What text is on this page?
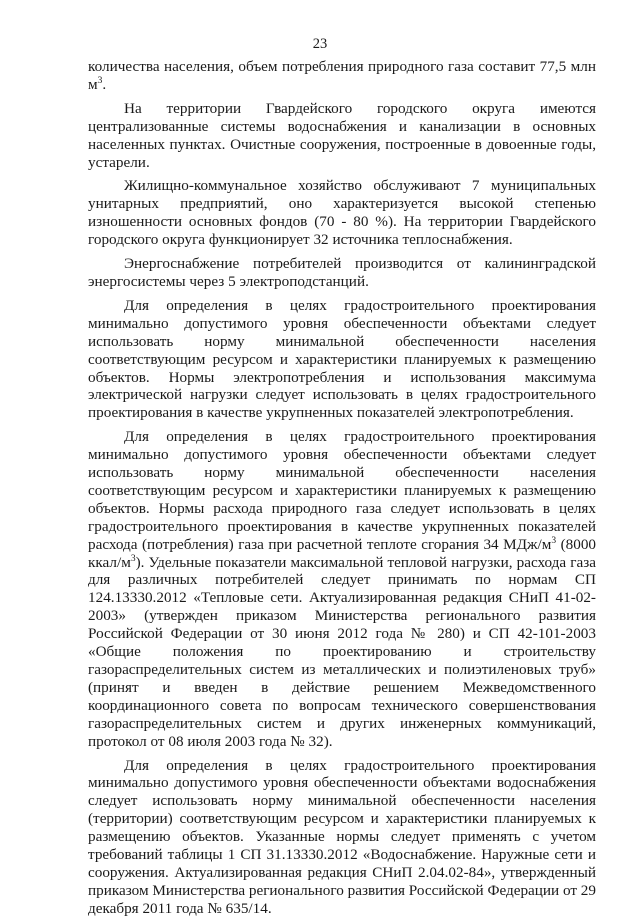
23

количества населения, объем потребления природного газа составит 77,5 млн $м^3$.

На территории Гвардейского городского округа имеются централизованные системы водоснабжения и канализации в основных населенных пунктах. Очистные сооружения, построенные в довоенные годы, устарели.

Жилищно-коммунальное хозяйство обслуживают 7 муниципальных унитарных предприятий, оно характеризуется высокой степенью изношенности основных фондов (70 - 80 %). На территории Гвардейского городского округа функционирует 32 источника теплоснабжения.

Энергоснабжение потребителей производится от калининградской энергосистемы через 5 электроподстанций.

Для определения в целях градостроительного проектирования минимально допустимого уровня обеспеченности объектами следует использовать норму минимальной обеспеченности населения соответствующим ресурсом и характеристики планируемых к размещению объектов. Нормы электропотребления и использования максимума электрической нагрузки следует использовать в целях градостроительного проектирования в качестве укрупненных показателей электропотребления.

Для определения в целях градостроительного проектирования минимально допустимого уровня обеспеченности объектами следует использовать норму минимальной обеспеченности населения соответствующим ресурсом и характеристики планируемых к размещению объектов. Нормы расхода природного газа следует использовать в целях градостроительного проектирования в качестве укрупненных показателей расхода (потребления) газа при расчетной теплоте сгорания 34 МДж/$м^3$ (8000 ккал/$м^3$). Удельные показатели максимальной тепловой нагрузки, расхода газа для различных потребителей следует принимать по нормам СП 124.13330.2012 «Тепловые сети. Актуализированная редакция СНиП 41-02-2003» (утвержден приказом Министерства регионального развития Российской Федерации от 30 июня 2012 года № 280) и СП 42-101-2003 «Общие положения по проектированию и строительству газораспределительных систем из металлических и полиэтиленовых труб» (принят и введен в действие решением Межведомственного координационного совета по вопросам технического совершенствования газораспределительных систем и других инженерных коммуникаций, протокол от 08 июля 2003 года № 32).

Для определения в целях градостроительного проектирования минимально допустимого уровня обеспеченности объектами водоснабжения следует использовать норму минимальной обеспеченности населения (территории) соответствующим ресурсом и характеристики планируемых к размещению объектов. Указанные нормы следует применять с учетом требований таблицы 1 СП 31.13330.2012 «Водоснабжение. Наружные сети и сооружения. Актуализированная редакция СНиП 2.04.02-84», утвержденный приказом Министерства регионального развития Российской Федерации от 29 декабря 2011 года № 635/14.
